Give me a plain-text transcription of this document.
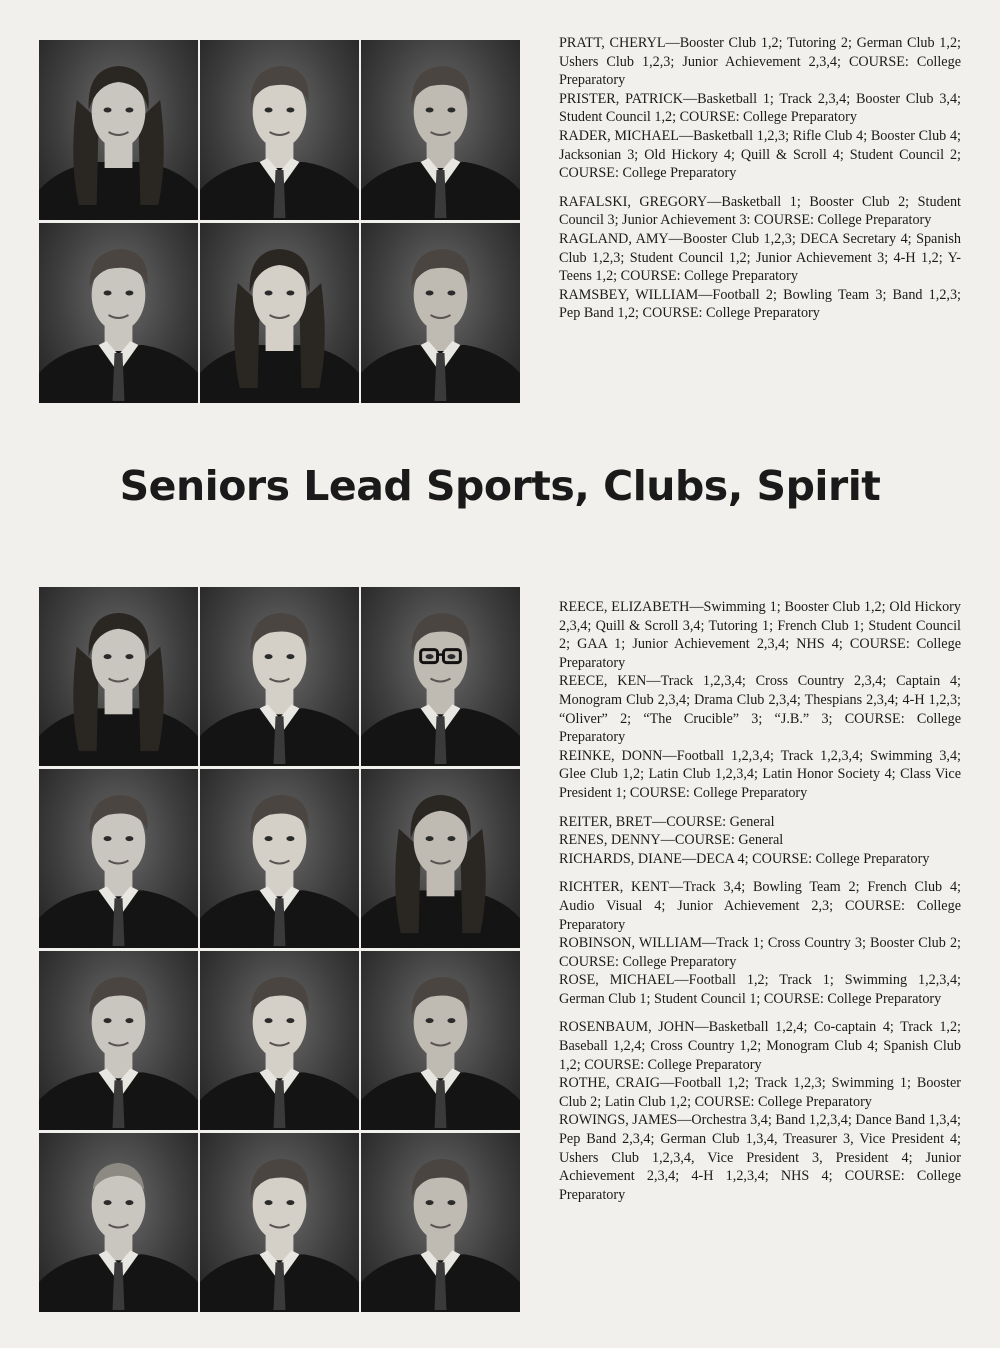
PRATT, CHERYL—Booster Club 1,2; Tutoring 2; German Club 1,2; Ushers Club 1,2,3; Junior Achievement 2,3,4; COURSE: College Preparatory

PRISTER, PATRICK—Basketball 1; Track 2,3,4; Booster Club 3,4; Student Council 1,2; COURSE: College Preparatory

RADER, MICHAEL—Basketball 1,2,3; Rifle Club 4; Booster Club 4; Jacksonian 3; Old Hickory 4; Quill & Scroll 4; Student Council 2; COURSE: College Preparatory

RAFALSKI, GREGORY—Basketball 1; Booster Club 2; Student Council 3; Junior Achievement 3: COURSE: College Preparatory

RAGLAND, AMY—Booster Club 1,2,3; DECA Secretary 4; Spanish Club 1,2,3; Student Council 1,2; Junior Achievement 3; 4-H 1,2; Y-Teens 1,2; COURSE: College Preparatory

RAMSBEY, WILLIAM—Football 2; Bowling Team 3; Band 1,2,3; Pep Band 1,2; COURSE: College Preparatory

Seniors Lead Sports, Clubs, Spirit

REECE, ELIZABETH—Swimming 1; Booster Club 1,2; Old Hickory 2,3,4; Quill & Scroll 3,4; Tutoring 1; French Club 1; Student Council 2; GAA 1; Junior Achievement 2,3,4; NHS 4; COURSE: College Preparatory

REECE, KEN—Track 1,2,3,4; Cross Country 2,3,4; Captain 4; Monogram Club 2,3,4; Drama Club 2,3,4; Thespians 2,3,4; 4-H 1,2,3; “Oliver” 2; “The Crucible” 3; “J.B.” 3; COURSE: College Preparatory

REINKE, DONN—Football 1,2,3,4; Track 1,2,3,4; Swimming 3,4; Glee Club 1,2; Latin Club 1,2,3,4; Latin Honor Society 4; Class Vice President 1; COURSE: College Preparatory

REITER, BRET—COURSE: General

RENES, DENNY—COURSE: General

RICHARDS, DIANE—DECA 4; COURSE: College Preparatory

RICHTER, KENT—Track 3,4; Bowling Team 2; French Club 4; Audio Visual 4; Junior Achievement 2,3; COURSE: College Preparatory

ROBINSON, WILLIAM—Track 1; Cross Country 3; Booster Club 2; COURSE: College Preparatory

ROSE, MICHAEL—Football 1,2; Track 1; Swimming 1,2,3,4; German Club 1; Student Council 1; COURSE: College Preparatory

ROSENBAUM, JOHN—Basketball 1,2,4; Co-captain 4; Track 1,2; Baseball 1,2,4; Cross Country 1,2; Monogram Club 4; Spanish Club 1,2; COURSE: College Preparatory

ROTHE, CRAIG—Football 1,2; Track 1,2,3; Swimming 1; Booster Club 2; Latin Club 1,2; COURSE: College Preparatory

ROWINGS, JAMES—Orchestra 3,4; Band 1,2,3,4; Dance Band 1,3,4; Pep Band 2,3,4; German Club 1,3,4, Treasurer 3, Vice President 4; Ushers Club 1,2,3,4, Vice President 3, President 4; Junior Achievement 2,3,4; 4-H 1,2,3,4; NHS 4; COURSE: College Preparatory
